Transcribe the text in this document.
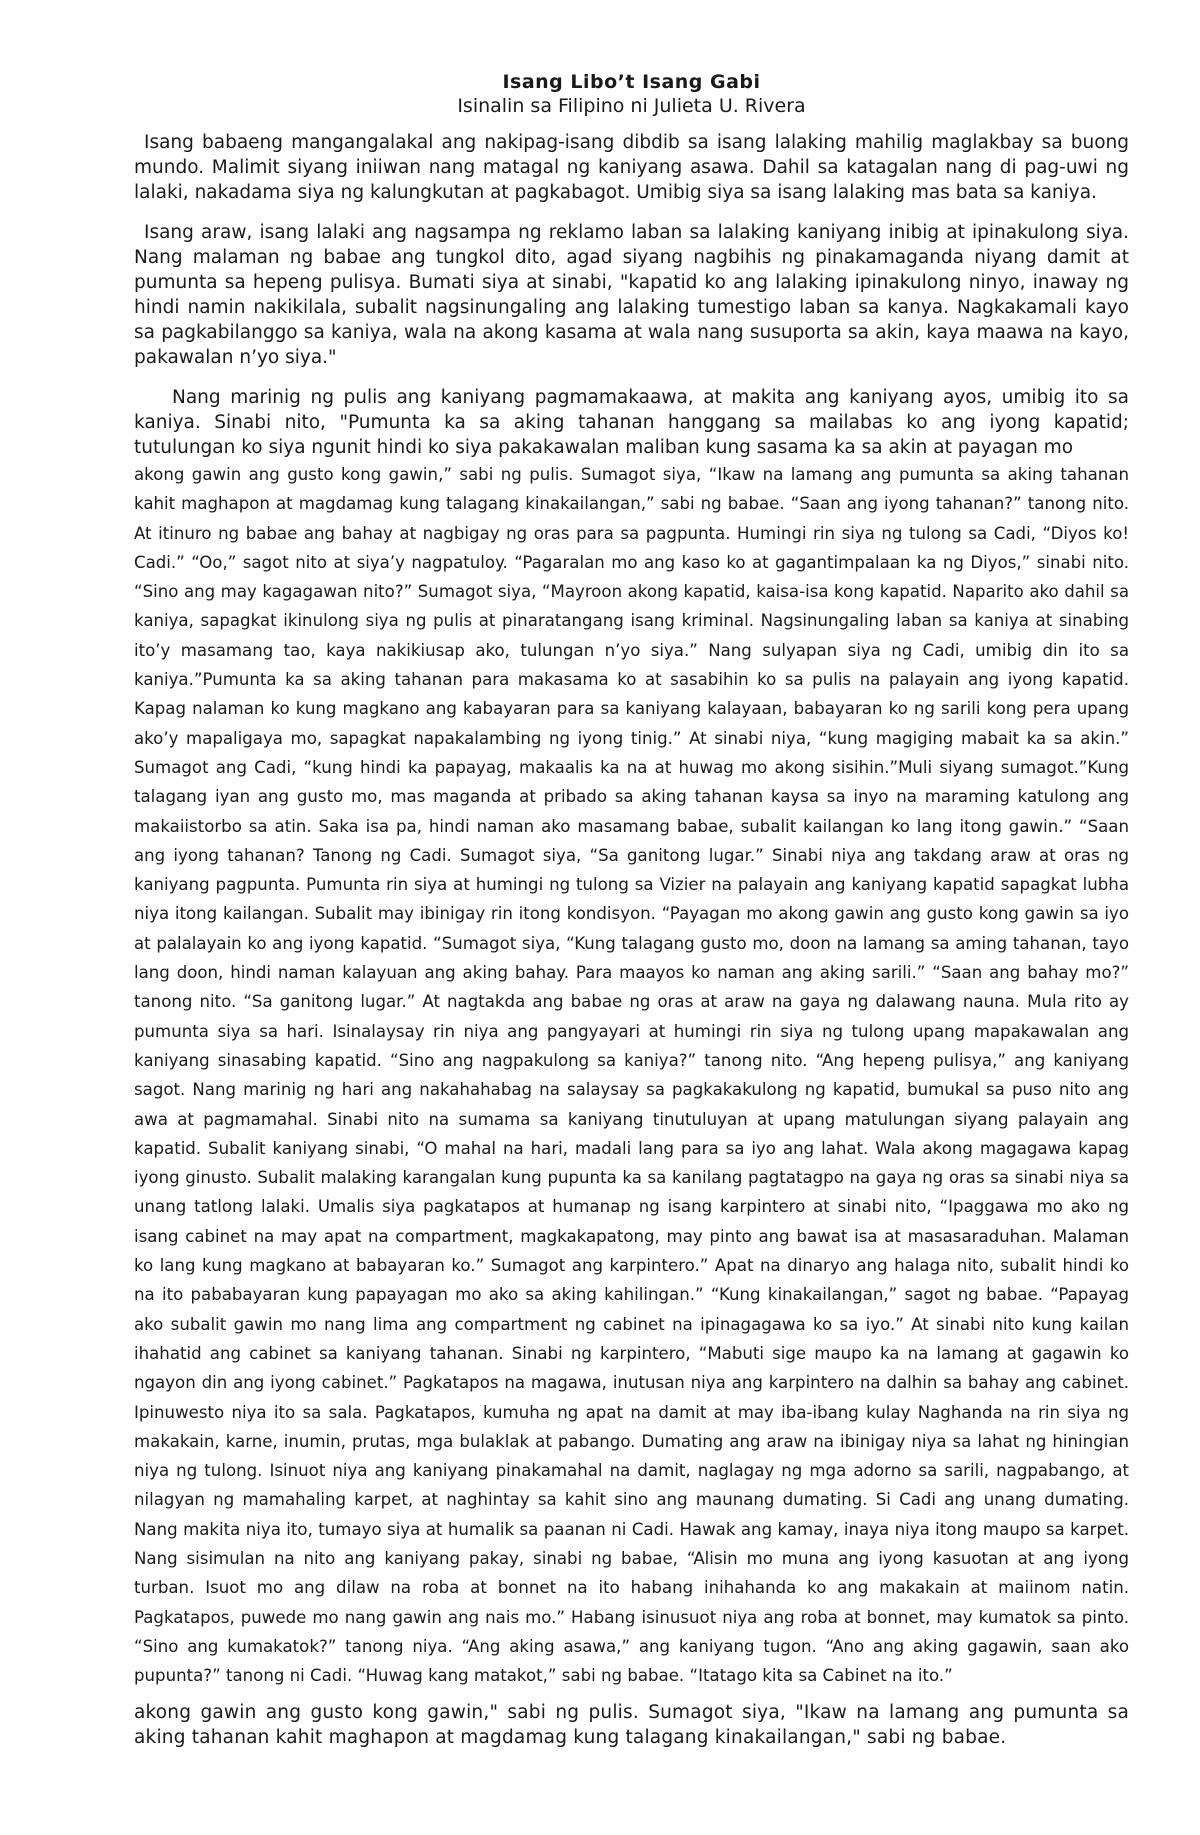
Isang Libo’t Isang Gabi

Isinalin sa Filipino ni Julieta U. Rivera

Isang babaeng mangangalakal ang nakipag-isang dibdib sa isang lalaking mahilig maglakbay sa buong mundo. Malimit siyang iniiwan nang matagal ng kaniyang asawa. Dahil sa katagalan nang di pag-uwi ng lalaki, nakadama siya ng kalungkutan at pagkabagot. Umibig siya sa isang lalaking mas bata sa kaniya.

Isang araw, isang lalaki ang nagsampa ng reklamo laban sa lalaking kaniyang inibig at ipinakulong siya. Nang malaman ng babae ang tungkol dito, agad siyang nagbihis ng pinakamaganda niyang damit at pumunta sa hepeng pulisya. Bumati siya at sinabi, "kapatid ko ang lalaking ipinakulong ninyo, inaway ng hindi namin nakikilala, subalit nagsinungaling ang lalaking tumestigo laban sa kanya. Nagkakamali kayo sa pagkabilanggo sa kaniya, wala na akong kasama at wala nang susuporta sa akin, kaya maawa na kayo, pakawalan n’yo siya."

Nang marinig ng pulis ang kaniyang pagmamakaawa, at makita ang kaniyang ayos, umibig ito sa kaniya. Sinabi nito, "Pumunta ka sa aking tahanan hanggang sa mailabas ko ang iyong kapatid; tutulungan ko siya ngunit hindi ko siya pakakawalan maliban kung sasama ka sa akin at payagan mo

akong gawin ang gusto kong gawin,” sabi ng pulis. Sumagot siya, “Ikaw na lamang ang pumunta sa aking tahanan kahit maghapon at magdamag kung talagang kinakailangan,” sabi ng babae. “Saan ang iyong tahanan?” tanong nito. At itinuro ng babae ang bahay at nagbigay ng oras para sa pagpunta. Humingi rin siya ng tulong sa Cadi, “Diyos ko! Cadi.” “Oo,” sagot nito at siya’y nagpatuloy. “Pagaralan mo ang kaso ko at gagantimpalaan ka ng Diyos,” sinabi nito. “Sino ang may kagagawan nito?” Sumagot siya, “Mayroon akong kapatid, kaisa-isa kong kapatid. Naparito ako dahil sa kaniya, sapagkat ikinulong siya ng pulis at pinaratangang isang kriminal. Nagsinungaling laban sa kaniya at sinabing ito’y masamang tao, kaya nakikiusap ako, tulungan n’yo siya.” Nang sulyapan siya ng Cadi, umibig din ito sa kaniya.”Pumunta ka sa aking tahanan para makasama ko at sasabihin ko sa pulis na palayain ang iyong kapatid. Kapag nalaman ko kung magkano ang kabayaran para sa kaniyang kalayaan, babayaran ko ng sarili kong pera upang ako’y mapaligaya mo, sapagkat napakalambing ng iyong tinig.” At sinabi niya, “kung magiging mabait ka sa akin.” Sumagot ang Cadi, “kung hindi ka papayag, makaalis ka na at huwag mo akong sisihin.”Muli siyang sumagot.”Kung talagang iyan ang gusto mo, mas maganda at pribado sa aking tahanan kaysa sa inyo na maraming katulong ang makaiistorbo sa atin. Saka isa pa, hindi naman ako masamang babae, subalit kailangan ko lang itong gawin.” “Saan ang iyong tahanan? Tanong ng Cadi. Sumagot siya, “Sa ganitong lugar.” Sinabi niya ang takdang araw at oras ng kaniyang pagpunta. Pumunta rin siya at humingi ng tulong sa Vizier na palayain ang kaniyang kapatid sapagkat lubha niya itong kailangan. Subalit may ibinigay rin itong kondisyon. “Payagan mo akong gawin ang gusto kong gawin sa iyo at palalayain ko ang iyong kapatid. “Sumagot siya, “Kung talagang gusto mo, doon na lamang sa aming tahanan, tayo lang doon, hindi naman kalayuan ang aking bahay. Para maayos ko naman ang aking sarili.” “Saan ang bahay mo?” tanong nito. “Sa ganitong lugar.” At nagtakda ang babae ng oras at araw na gaya ng dalawang nauna. Mula rito ay pumunta siya sa hari. Isinalaysay rin niya ang pangyayari at humingi rin siya ng tulong upang mapakawalan ang kaniyang sinasabing kapatid. “Sino ang nagpakulong sa kaniya?” tanong nito. “Ang hepeng pulisya,” ang kaniyang sagot. Nang marinig ng hari ang nakahahabag na salaysay sa pagkakakulong ng kapatid, bumukal sa puso nito ang awa at pagmamahal. Sinabi nito na sumama sa kaniyang tinutuluyan at upang matulungan siyang palayain ang kapatid. Subalit kaniyang sinabi, “O mahal na hari, madali lang para sa iyo ang lahat. Wala akong magagawa kapag iyong ginusto. Subalit malaking karangalan kung pupunta ka sa kanilang pagtatagpo na gaya ng oras sa sinabi niya sa unang tatlong lalaki. Umalis siya pagkatapos at humanap ng isang karpintero at sinabi nito, “Ipaggawa mo ako ng isang cabinet na may apat na compartment, magkakapatong, may pinto ang bawat isa at masasaraduhan. Malaman ko lang kung magkano at babayaran ko.” Sumagot ang karpintero.” Apat na dinaryo ang halaga nito, subalit hindi ko na ito pababayaran kung papayagan mo ako sa aking kahilingan.” “Kung kinakailangan,” sagot ng babae. “Papayag ako subalit gawin mo nang lima ang compartment ng cabinet na ipinagagawa ko sa iyo.” At sinabi nito kung kailan ihahatid ang cabinet sa kaniyang tahanan. Sinabi ng karpintero, “Mabuti sige maupo ka na lamang at gagawin ko ngayon din ang iyong cabinet.” Pagkatapos na magawa, inutusan niya ang karpintero na dalhin sa bahay ang cabinet. Ipinuwesto niya ito sa sala. Pagkatapos, kumuha ng apat na damit at may iba-ibang kulay Naghanda na rin siya ng makakain, karne, inumin, prutas, mga bulaklak at pabango. Dumating ang araw na ibinigay niya sa lahat ng hiningian niya ng tulong. Isinuot niya ang kaniyang pinakamahal na damit, naglagay ng mga adorno sa sarili, nagpabango, at nilagyan ng mamahaling karpet, at naghintay sa kahit sino ang maunang dumating. Si Cadi ang unang dumating. Nang makita niya ito, tumayo siya at humalik sa paanan ni Cadi. Hawak ang kamay, inaya niya itong maupo sa karpet. Nang sisimulan na nito ang kaniyang pakay, sinabi ng babae, “Alisin mo muna ang iyong kasuotan at ang iyong turban. Isuot mo ang dilaw na roba at bonnet na ito habang inihahanda ko ang makakain at maiinom natin. Pagkatapos, puwede mo nang gawin ang nais mo.” Habang isinusuot niya ang roba at bonnet, may kumatok sa pinto. “Sino ang kumakatok?” tanong niya. “Ang aking asawa,” ang kaniyang tugon. “Ano ang aking gagawin, saan ako pupunta?” tanong ni Cadi. “Huwag kang matakot,” sabi ng babae. “Itatago kita sa Cabinet na ito.”

akong gawin ang gusto kong gawin," sabi ng pulis. Sumagot siya, "Ikaw na lamang ang pumunta sa aking tahanan kahit maghapon at magdamag kung talagang kinakailangan," sabi ng babae.
